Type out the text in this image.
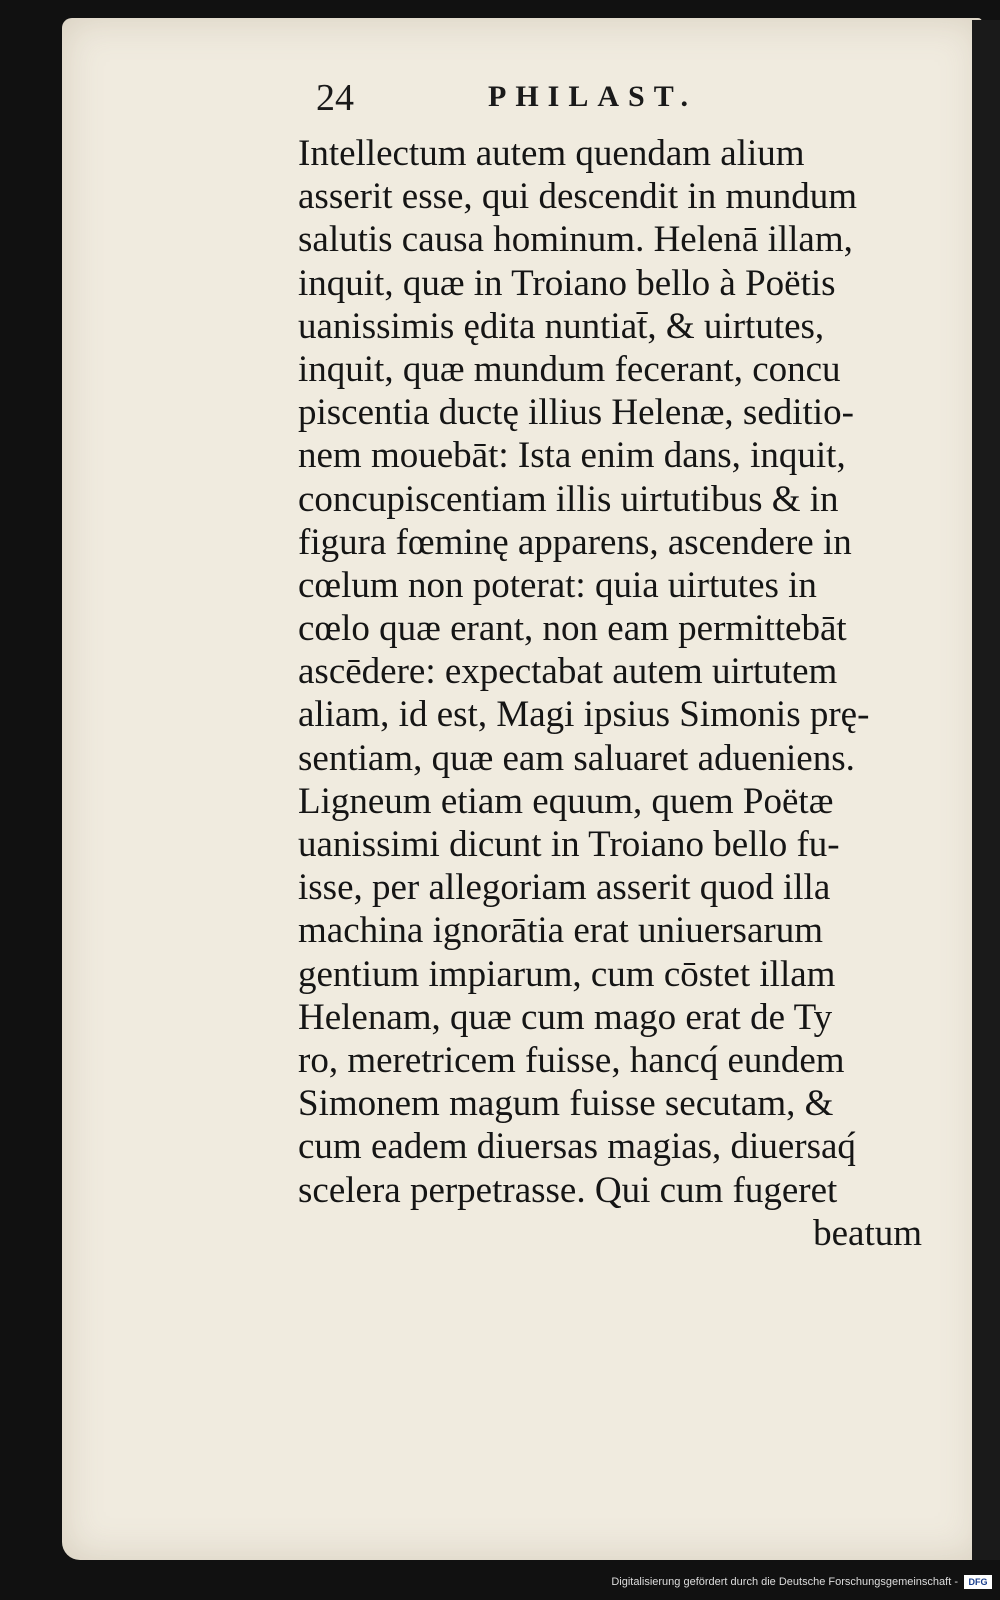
24	PHILAST.
Intellectum autem quendam alium
asserit esse, qui descendit in mundum
salutis causa hominum. Helenā illam,
inquit, quæ in Troiano bello à Poëtis
uanissimis ędita nuntiat̄, & uirtutes,
inquit, quæ mundum fecerant, concu
piscentia ductę illius Helenæ, seditio-
nem mouebāt: Ista enim dans, inquit,
concupiscentiam illis uirtutibus & in
figura fœminę apparens, ascendere in
cœlum non poterat: quia uirtutes in
cœlo quæ erant, non eam permittebāt
ascēdere: expectabat autem uirtutem
aliam, id est, Magi ipsius Simonis prę-
sentiam, quæ eam saluaret adueniens.
Ligneum etiam equum, quem Poëtæ
uanissimi dicunt in Troiano bello fu-
isse, per allegoriam asserit quod illa
machina ignorātia erat uniuersarum
gentium impiarum, cum cōstet illam
Helenam, quæ cum mago erat de Ty
ro, meretricem fuisse, hancq́ eundem
Simonem magum fuisse secutam, &
cum eadem diuersas magias, diuersaq́
scelera perpetrasse. Qui cum fugeret
beatum
Digitalisierung gefördert durch die Deutsche Forschungsgemeinschaft -	DFG
